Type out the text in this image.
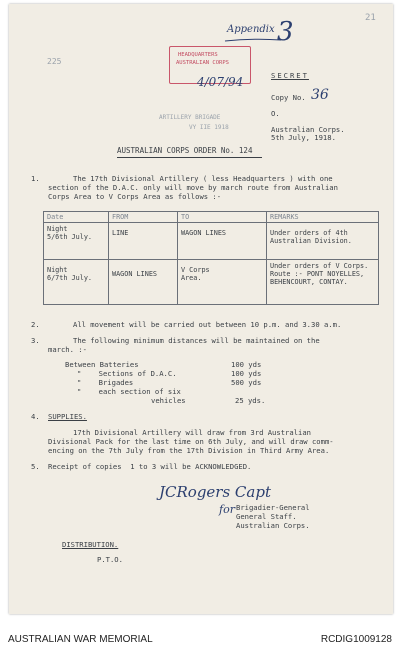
21
225
Appendix 3
HEADQUARTERS
AUSTRALIAN CORPS
4/07/94
ARTILLERY BRIGADE
VY IIE 1918
SECRET
Copy No. 36
O.
Australian Corps.
5th July, 1918.
AUSTRALIAN CORPS ORDER No. 124
1.	The 17th Divisional Artillery ( less Headquarters ) with one
section of the D.A.C. only will move by march route from Australian
Corps Area to V Corps Area as follows :-
Date	FROM	TO	REMARKS
Night
5/6th July.	LINE	WAGON LINES	Under orders of 4th
Australian Division.
Night
6/7th July.	WAGON LINES	V Corps
Area.	Under orders of V Corps.
Route :- PONT NOYELLES,
BEHENCOURT, CONTAY.
2.	All movement will be carried out between 10 p.m. and 3.30 a.m.
3.	The following minimum distances will be maintained on the
march. :-
Between Batteries	100 yds
"    Sections of D.A.C.	100 yds
"    Brigades	500 yds
"    each section of six
vehicles	25 yds.
4. SUPPLIES.
17th Divisional Artillery will draw from 3rd Australian
Divisional Pack for the last time on 6th July, and will draw comm-
encing on the 7th July from the 17th Division in Third Army Area.
5. Receipt of copies  1 to 3 will be ACKNOWLEDGED.
JCRogers Capt
for Brigadier-General
General Staff.
Australian Corps.
DISTRIBUTION.
P.T.O.
AUSTRALIAN WAR MEMORIAL	RCDIG1009128
